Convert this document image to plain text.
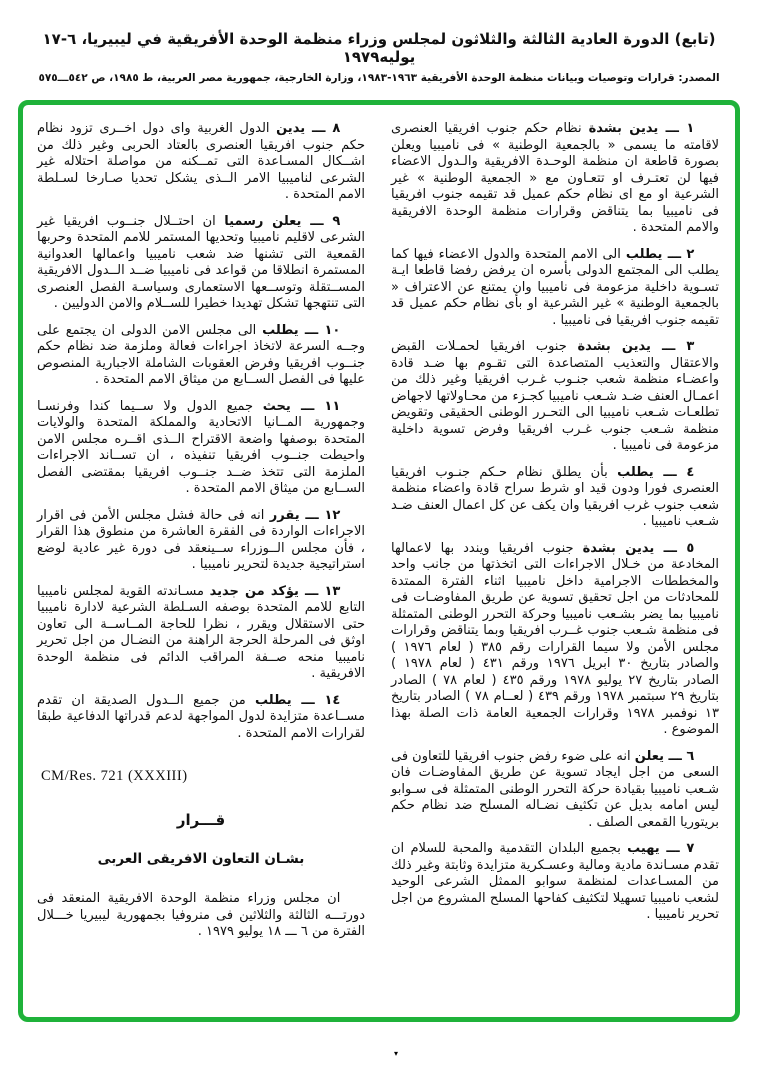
(تابع) الدورة العادية الثالثة والثلاثون لمجلس وزراء منظمة الوحدة الأفريقية في ليبيريا، ٦-١٧ يوليه١٩٧٩
المصدر: قرارات وتوصيات وبيانات منظمة الوحدة الأفريقية ١٩٦٣-١٩٨٣، وزارة الخارجية، جمهورية مصر العربية، ط ١٩٨٥، ص ٥٤٢ـــ٥٧٥

١ ـــ يدين بشدة نظام حكم جنوب افريقيا العنصرى لاقامته ما يسمى « بالجمعية الوطنية » فى ناميبيا ويعلن بصورة قاطعة ان منظمة الوحـدة الافريقية والـدول الاعضاء فيها لن تعتـرف او تتعـاون مع « الجمعية الوطنية » غير الشرعية او مع اى نظام حكم عميل قد تقيمه جنوب افريقيا فى ناميبيا بما يتناقض وقرارات منظمة الوحدة الافريقية والامم المتحدة .

٢ ـــ يطلب الى الامم المتحدة والدول الاعضاء فيها كما يطلب الى المجتمع الدولى بأسره ان يرفض رفضا قاطعا ايـة تسـوية داخلية مزعومة فى ناميبيا وان يمتنع عن الاعتراف « بالجمعية الوطنية » غير الشرعية او بأى نظام حكم عميل قد تقيمه جنوب افريقيا فى ناميبيا .

٣ ـــ يدين بشدة جنوب افريقيا لحمـلات القبض والاعتقال والتعذيب المتصاعدة التى تقـوم بها ضـد قادة واعضـاء منظمة شعب جنـوب غـرب افريقيا وغير ذلك من اعمـال العنف ضـد شـعب ناميبيا كجـزء من محـاولاتها لاجهاض تطلعـات شـعب ناميبيا الى التحـرر الوطنى الحقيقى وتقويض منظمة شـعب جنوب غـرب افريقيا وفرض تسوية داخلية مزعومة فى ناميبيا .

٤ ـــ يطلب بأن يطلق نظام حـكم جنـوب افريقيا العنصرى فورا ودون قيد او شرط سراح قادة واعضاء منظمة شعب جنوب غرب افريقيا وان يكف عن كل اعمال العنف ضـد شـعب ناميبيا .

٥ ـــ يدين بشدة جنوب افريقيا ويندد بها لاعمالها المخادعة من خـلال الاجراءات التى اتخذتها من جانب واحد والمخططات الاجرامية داخل ناميبيا اثناء الفترة الممتدة للمحادثات من اجل تحقيق تسوية عن طريق المفاوضـات فى ناميبيا بما يضر بشـعب ناميبيا وحركة التحرر الوطنى المتمثلة فى منظمة شـعب جنوب غــرب افريقيا وبما يتناقض وقرارات مجلس الأمن ولا سيما القرارات رقم ٣٨٥ ( لعام ١٩٧٦ ) والصادر بتاريخ ٣٠ ابريل ١٩٧٦ ورقم ٤٣١ ( لعام ١٩٧٨ ) الصادر بتاريخ ٢٧ يوليو ١٩٧٨ ورقم ٤٣٥ ( لعام ٧٨ ) الصادر بتاريخ ٢٩ سبتمبر ١٩٧٨ ورقم ٤٣٩ ( لعــام ٧٨ ) الصادر بتاريخ ١٣ نوفمبر ١٩٧٨ وقرارات الجمعية العامة ذات الصلة بهذا الموضوع .

٦ ـــ يعلن انه على ضوء رفض جنوب افريقيا للتعاون فى السعى من اجل ايجاد تسوية عن طريق المفاوضـات فان شـعب ناميبيا بقيادة حركة التحرر الوطنى المتمثلة فى سـوابو ليس امامه بديل عن تكثيف نضـاله المسلح ضد نظام حكم بريتوريا القمعى الصلف .

٧ ـــ يهيب بجميع البلدان التقدمية والمحبة للسلام ان تقدم مسـاندة مادية ومالية وعسـكرية متزايدة وثابتة وغير ذلك من المسـاعدات لمنظمة سوابو الممثل الشرعى الوحيد لشعب ناميبيا تسهيلا لتكثيف كفاحها المسلح المشروع من اجل تحرير ناميبيا .

٨ ـــ يدين الدول الغربية واى دول اخــرى تزود نظام حكم جنوب افريقيا العنصرى بالعتاد الحربى وغير ذلك من اشــكال المسـاعدة التى تمــكنه من مواصلة احتلاله غير الشرعى لناميبيا الامر الــذى يشكل تحديا صـارخا لسـلطة الامم المتحدة .

٩ ـــ يعلن رسميا ان احتــلال جنــوب افريقيا غير الشرعى لاقليم ناميبيا وتحديها المستمر للامم المتحدة وحربها القمعية التى تشنها ضد شعب ناميبيا واعمالها العدوانية المستمرة انطلاقا من قواعد فى ناميبيا ضــد الــدول الافريقية المســتقلة وتوســعها الاستعمارى وسياسـة الفصل العنصرى التى تنتهجها تشكل تهديدا خطيرا للســلام والامن الدوليين .

١٠ ـــ يطلب الى مجلس الامن الدولى ان يجتمع على وجــه السرعة لاتخاذ اجراءات فعالة وملزمة ضد نظام حكم جنــوب افريقيا وفرض العقوبات الشاملة الاجبارية المنصوص عليها فى الفصل الســابع من ميثاق الامم المتحدة .

١١ ـــ يحث جميع الدول ولا ســيما كندا وفرنسـا وجمهورية المــانيا الاتحادية والمملكة المتحدة والولايات المتحدة بوصفها واضعة الاقتراح الــذى اقــره مجلس الامن واحيطت جنــوب افريقيا تنفيذه ، ان تســاند الاجراءات الملزمة التى تتخذ ضــد جنــوب افريقيا بمقتضى الفصل الســابع من ميثاق الامم المتحدة .

١٢ ـــ يقرر انه فى حالة فشل مجلس الأمن فى اقرار الاجراءات الواردة فى الفقرة العاشرة من منطوق هذا القرار ، فأن مجلس الــوزراء ســينعقد فى دورة غير عادية لوضع استراتيجية جديدة لتحرير ناميبيا .

١٣ ـــ يؤكد من جديد مسـاندته القوية لمجلس ناميبيا التابع للامم المتحدة بوصفه السـلطة الشرعية لادارة ناميبيا حتى الاستقلال ويقرر ، نظرا للحاجة المــاســة الى تعاون اوثق فى المرحلة الحرجة الراهنة من النضـال من اجل تحرير ناميبيا منحه صــفة المراقب الدائم فى منظمة الوحدة الافريقية .

١٤ ـــ يطلب من جميع الــدول الصديقة ان تقدم مســاعدة متزايدة لدول المواجهة لدعم قدراتها الدفاعية طبقا لقرارات الامم المتحدة .

CM/Res. 721 (XXXIII)
قـــرار
بشـان التعاون الافريقى العربى

ان مجلس وزراء منظمة الوحدة الافريقية المنعقد فى دورتـــه الثالثة والثلاثين فى منروفيا بجمهورية ليبيريا خـــلال الفترة من ٦ ـــ ١٨ يوليو ١٩٧٩ .

▾
